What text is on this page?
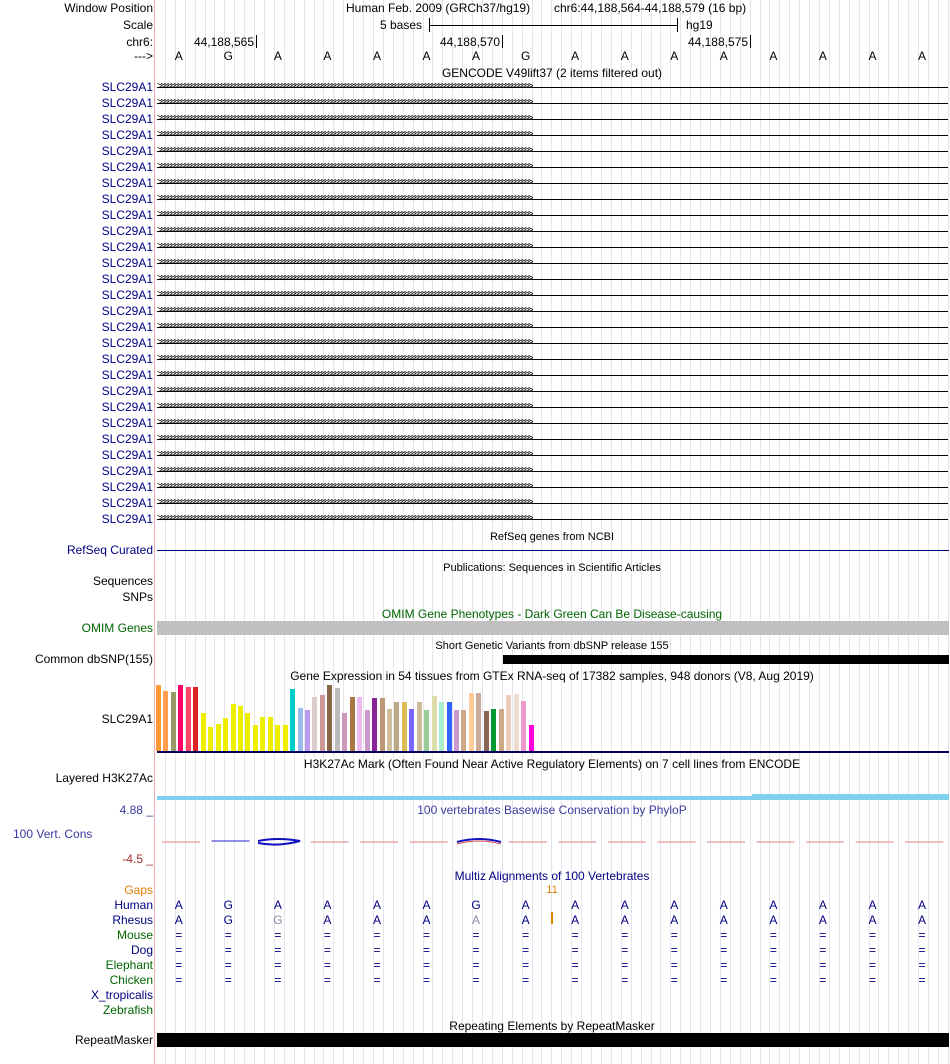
Window Position	Human Feb. 2009 (GRCh37/hg19) chr6:44,188,564-44,188,579 (16 bp)
Scale	5 bases	hg19
chr6:	44,188,565	44,188,570	44,188,575
---> A	G	A	A	A	A	A	G	A	A	A	A	A	A	A	A
GENCODE V49lift37 (2 items filtered out)
SLC29A1 >>>>>>>>>>>>>>>>>>>>>>>>>>>>>>>>>>>>>>>>>>>>>>>>>>>>>>>>>>>>>>>>>>>>>>>>>>>>>>>>>>>>>>>>>>>>>>>>>>>>>>>>>>>>>>>>
SLC29A1 >>>>>>>>>>>>>>>>>>>>>>>>>>>>>>>>>>>>>>>>>>>>>>>>>>>>>>>>>>>>>>>>>>>>>>>>>>>>>>>>>>>>>>>>>>>>>>>>>>>>>>>>>>>>>>>>
SLC29A1 >>>>>>>>>>>>>>>>>>>>>>>>>>>>>>>>>>>>>>>>>>>>>>>>>>>>>>>>>>>>>>>>>>>>>>>>>>>>>>>>>>>>>>>>>>>>>>>>>>>>>>>>>>>>>>>>
SLC29A1 >>>>>>>>>>>>>>>>>>>>>>>>>>>>>>>>>>>>>>>>>>>>>>>>>>>>>>>>>>>>>>>>>>>>>>>>>>>>>>>>>>>>>>>>>>>>>>>>>>>>>>>>>>>>>>>>
SLC29A1 >>>>>>>>>>>>>>>>>>>>>>>>>>>>>>>>>>>>>>>>>>>>>>>>>>>>>>>>>>>>>>>>>>>>>>>>>>>>>>>>>>>>>>>>>>>>>>>>>>>>>>>>>>>>>>>>
SLC29A1 >>>>>>>>>>>>>>>>>>>>>>>>>>>>>>>>>>>>>>>>>>>>>>>>>>>>>>>>>>>>>>>>>>>>>>>>>>>>>>>>>>>>>>>>>>>>>>>>>>>>>>>>>>>>>>>>
SLC29A1 >>>>>>>>>>>>>>>>>>>>>>>>>>>>>>>>>>>>>>>>>>>>>>>>>>>>>>>>>>>>>>>>>>>>>>>>>>>>>>>>>>>>>>>>>>>>>>>>>>>>>>>>>>>>>>>>
SLC29A1 >>>>>>>>>>>>>>>>>>>>>>>>>>>>>>>>>>>>>>>>>>>>>>>>>>>>>>>>>>>>>>>>>>>>>>>>>>>>>>>>>>>>>>>>>>>>>>>>>>>>>>>>>>>>>>>>
SLC29A1 >>>>>>>>>>>>>>>>>>>>>>>>>>>>>>>>>>>>>>>>>>>>>>>>>>>>>>>>>>>>>>>>>>>>>>>>>>>>>>>>>>>>>>>>>>>>>>>>>>>>>>>>>>>>>>>>
SLC29A1 >>>>>>>>>>>>>>>>>>>>>>>>>>>>>>>>>>>>>>>>>>>>>>>>>>>>>>>>>>>>>>>>>>>>>>>>>>>>>>>>>>>>>>>>>>>>>>>>>>>>>>>>>>>>>>>>
SLC29A1 >>>>>>>>>>>>>>>>>>>>>>>>>>>>>>>>>>>>>>>>>>>>>>>>>>>>>>>>>>>>>>>>>>>>>>>>>>>>>>>>>>>>>>>>>>>>>>>>>>>>>>>>>>>>>>>>
SLC29A1 >>>>>>>>>>>>>>>>>>>>>>>>>>>>>>>>>>>>>>>>>>>>>>>>>>>>>>>>>>>>>>>>>>>>>>>>>>>>>>>>>>>>>>>>>>>>>>>>>>>>>>>>>>>>>>>>
SLC29A1 >>>>>>>>>>>>>>>>>>>>>>>>>>>>>>>>>>>>>>>>>>>>>>>>>>>>>>>>>>>>>>>>>>>>>>>>>>>>>>>>>>>>>>>>>>>>>>>>>>>>>>>>>>>>>>>>
SLC29A1 >>>>>>>>>>>>>>>>>>>>>>>>>>>>>>>>>>>>>>>>>>>>>>>>>>>>>>>>>>>>>>>>>>>>>>>>>>>>>>>>>>>>>>>>>>>>>>>>>>>>>>>>>>>>>>>>
SLC29A1 >>>>>>>>>>>>>>>>>>>>>>>>>>>>>>>>>>>>>>>>>>>>>>>>>>>>>>>>>>>>>>>>>>>>>>>>>>>>>>>>>>>>>>>>>>>>>>>>>>>>>>>>>>>>>>>>
SLC29A1 >>>>>>>>>>>>>>>>>>>>>>>>>>>>>>>>>>>>>>>>>>>>>>>>>>>>>>>>>>>>>>>>>>>>>>>>>>>>>>>>>>>>>>>>>>>>>>>>>>>>>>>>>>>>>>>>
SLC29A1 >>>>>>>>>>>>>>>>>>>>>>>>>>>>>>>>>>>>>>>>>>>>>>>>>>>>>>>>>>>>>>>>>>>>>>>>>>>>>>>>>>>>>>>>>>>>>>>>>>>>>>>>>>>>>>>>
SLC29A1 >>>>>>>>>>>>>>>>>>>>>>>>>>>>>>>>>>>>>>>>>>>>>>>>>>>>>>>>>>>>>>>>>>>>>>>>>>>>>>>>>>>>>>>>>>>>>>>>>>>>>>>>>>>>>>>>
SLC29A1 >>>>>>>>>>>>>>>>>>>>>>>>>>>>>>>>>>>>>>>>>>>>>>>>>>>>>>>>>>>>>>>>>>>>>>>>>>>>>>>>>>>>>>>>>>>>>>>>>>>>>>>>>>>>>>>>
SLC29A1 >>>>>>>>>>>>>>>>>>>>>>>>>>>>>>>>>>>>>>>>>>>>>>>>>>>>>>>>>>>>>>>>>>>>>>>>>>>>>>>>>>>>>>>>>>>>>>>>>>>>>>>>>>>>>>>>
SLC29A1 >>>>>>>>>>>>>>>>>>>>>>>>>>>>>>>>>>>>>>>>>>>>>>>>>>>>>>>>>>>>>>>>>>>>>>>>>>>>>>>>>>>>>>>>>>>>>>>>>>>>>>>>>>>>>>>>
SLC29A1 >>>>>>>>>>>>>>>>>>>>>>>>>>>>>>>>>>>>>>>>>>>>>>>>>>>>>>>>>>>>>>>>>>>>>>>>>>>>>>>>>>>>>>>>>>>>>>>>>>>>>>>>>>>>>>>>
SLC29A1 >>>>>>>>>>>>>>>>>>>>>>>>>>>>>>>>>>>>>>>>>>>>>>>>>>>>>>>>>>>>>>>>>>>>>>>>>>>>>>>>>>>>>>>>>>>>>>>>>>>>>>>>>>>>>>>>
SLC29A1 >>>>>>>>>>>>>>>>>>>>>>>>>>>>>>>>>>>>>>>>>>>>>>>>>>>>>>>>>>>>>>>>>>>>>>>>>>>>>>>>>>>>>>>>>>>>>>>>>>>>>>>>>>>>>>>>
SLC29A1 >>>>>>>>>>>>>>>>>>>>>>>>>>>>>>>>>>>>>>>>>>>>>>>>>>>>>>>>>>>>>>>>>>>>>>>>>>>>>>>>>>>>>>>>>>>>>>>>>>>>>>>>>>>>>>>>
SLC29A1 >>>>>>>>>>>>>>>>>>>>>>>>>>>>>>>>>>>>>>>>>>>>>>>>>>>>>>>>>>>>>>>>>>>>>>>>>>>>>>>>>>>>>>>>>>>>>>>>>>>>>>>>>>>>>>>>
SLC29A1 >>>>>>>>>>>>>>>>>>>>>>>>>>>>>>>>>>>>>>>>>>>>>>>>>>>>>>>>>>>>>>>>>>>>>>>>>>>>>>>>>>>>>>>>>>>>>>>>>>>>>>>>>>>>>>>>
SLC29A1 >>>>>>>>>>>>>>>>>>>>>>>>>>>>>>>>>>>>>>>>>>>>>>>>>>>>>>>>>>>>>>>>>>>>>>>>>>>>>>>>>>>>>>>>>>>>>>>>>>>>>>>>>>>>>>>>
RefSeq genes from NCBI
RefSeq Curated
Publications: Sequences in Scientific Articles
Sequences
SNPs
OMIM Gene Phenotypes - Dark Green Can Be Disease-causing
OMIM Genes
Short Genetic Variants from dbSNP release 155
Common dbSNP(155)
Gene Expression in 54 tissues from GTEx RNA-seq of 17382 samples, 948 donors (V8, Aug 2019)
SLC29A1
H3K27Ac Mark (Often Found Near Active Regulatory Elements) on 7 cell lines from ENCODE
Layered H3K27Ac
100 vertebrates Basewise Conservation by PhyloP
4.88 _
100 Vert. Cons
-4.5 _
Multiz Alignments of 100 Vertebrates
Gaps	11
Human A	G	A	A	A	A	G	A	A	A	A	A	A	A	A	A
Rhesus A	G	G	A	A	A	A	A	A	A	A	A	A	A	A	A
Mouse =	=	=	=	=	=	=	=	=	=	=	=	=	=	=	=
Dog =	=	=	=	=	=	=	=	=	=	=	=	=	=	=	=
Elephant =	=	=	=	=	=	=	=	=	=	=	=	=	=	=	=
Chicken =	=	=	=	=	=	=	=	=	=	=	=	=	=	=	=
X_tropicalis
Zebrafish
Repeating Elements by RepeatMasker
RepeatMasker
